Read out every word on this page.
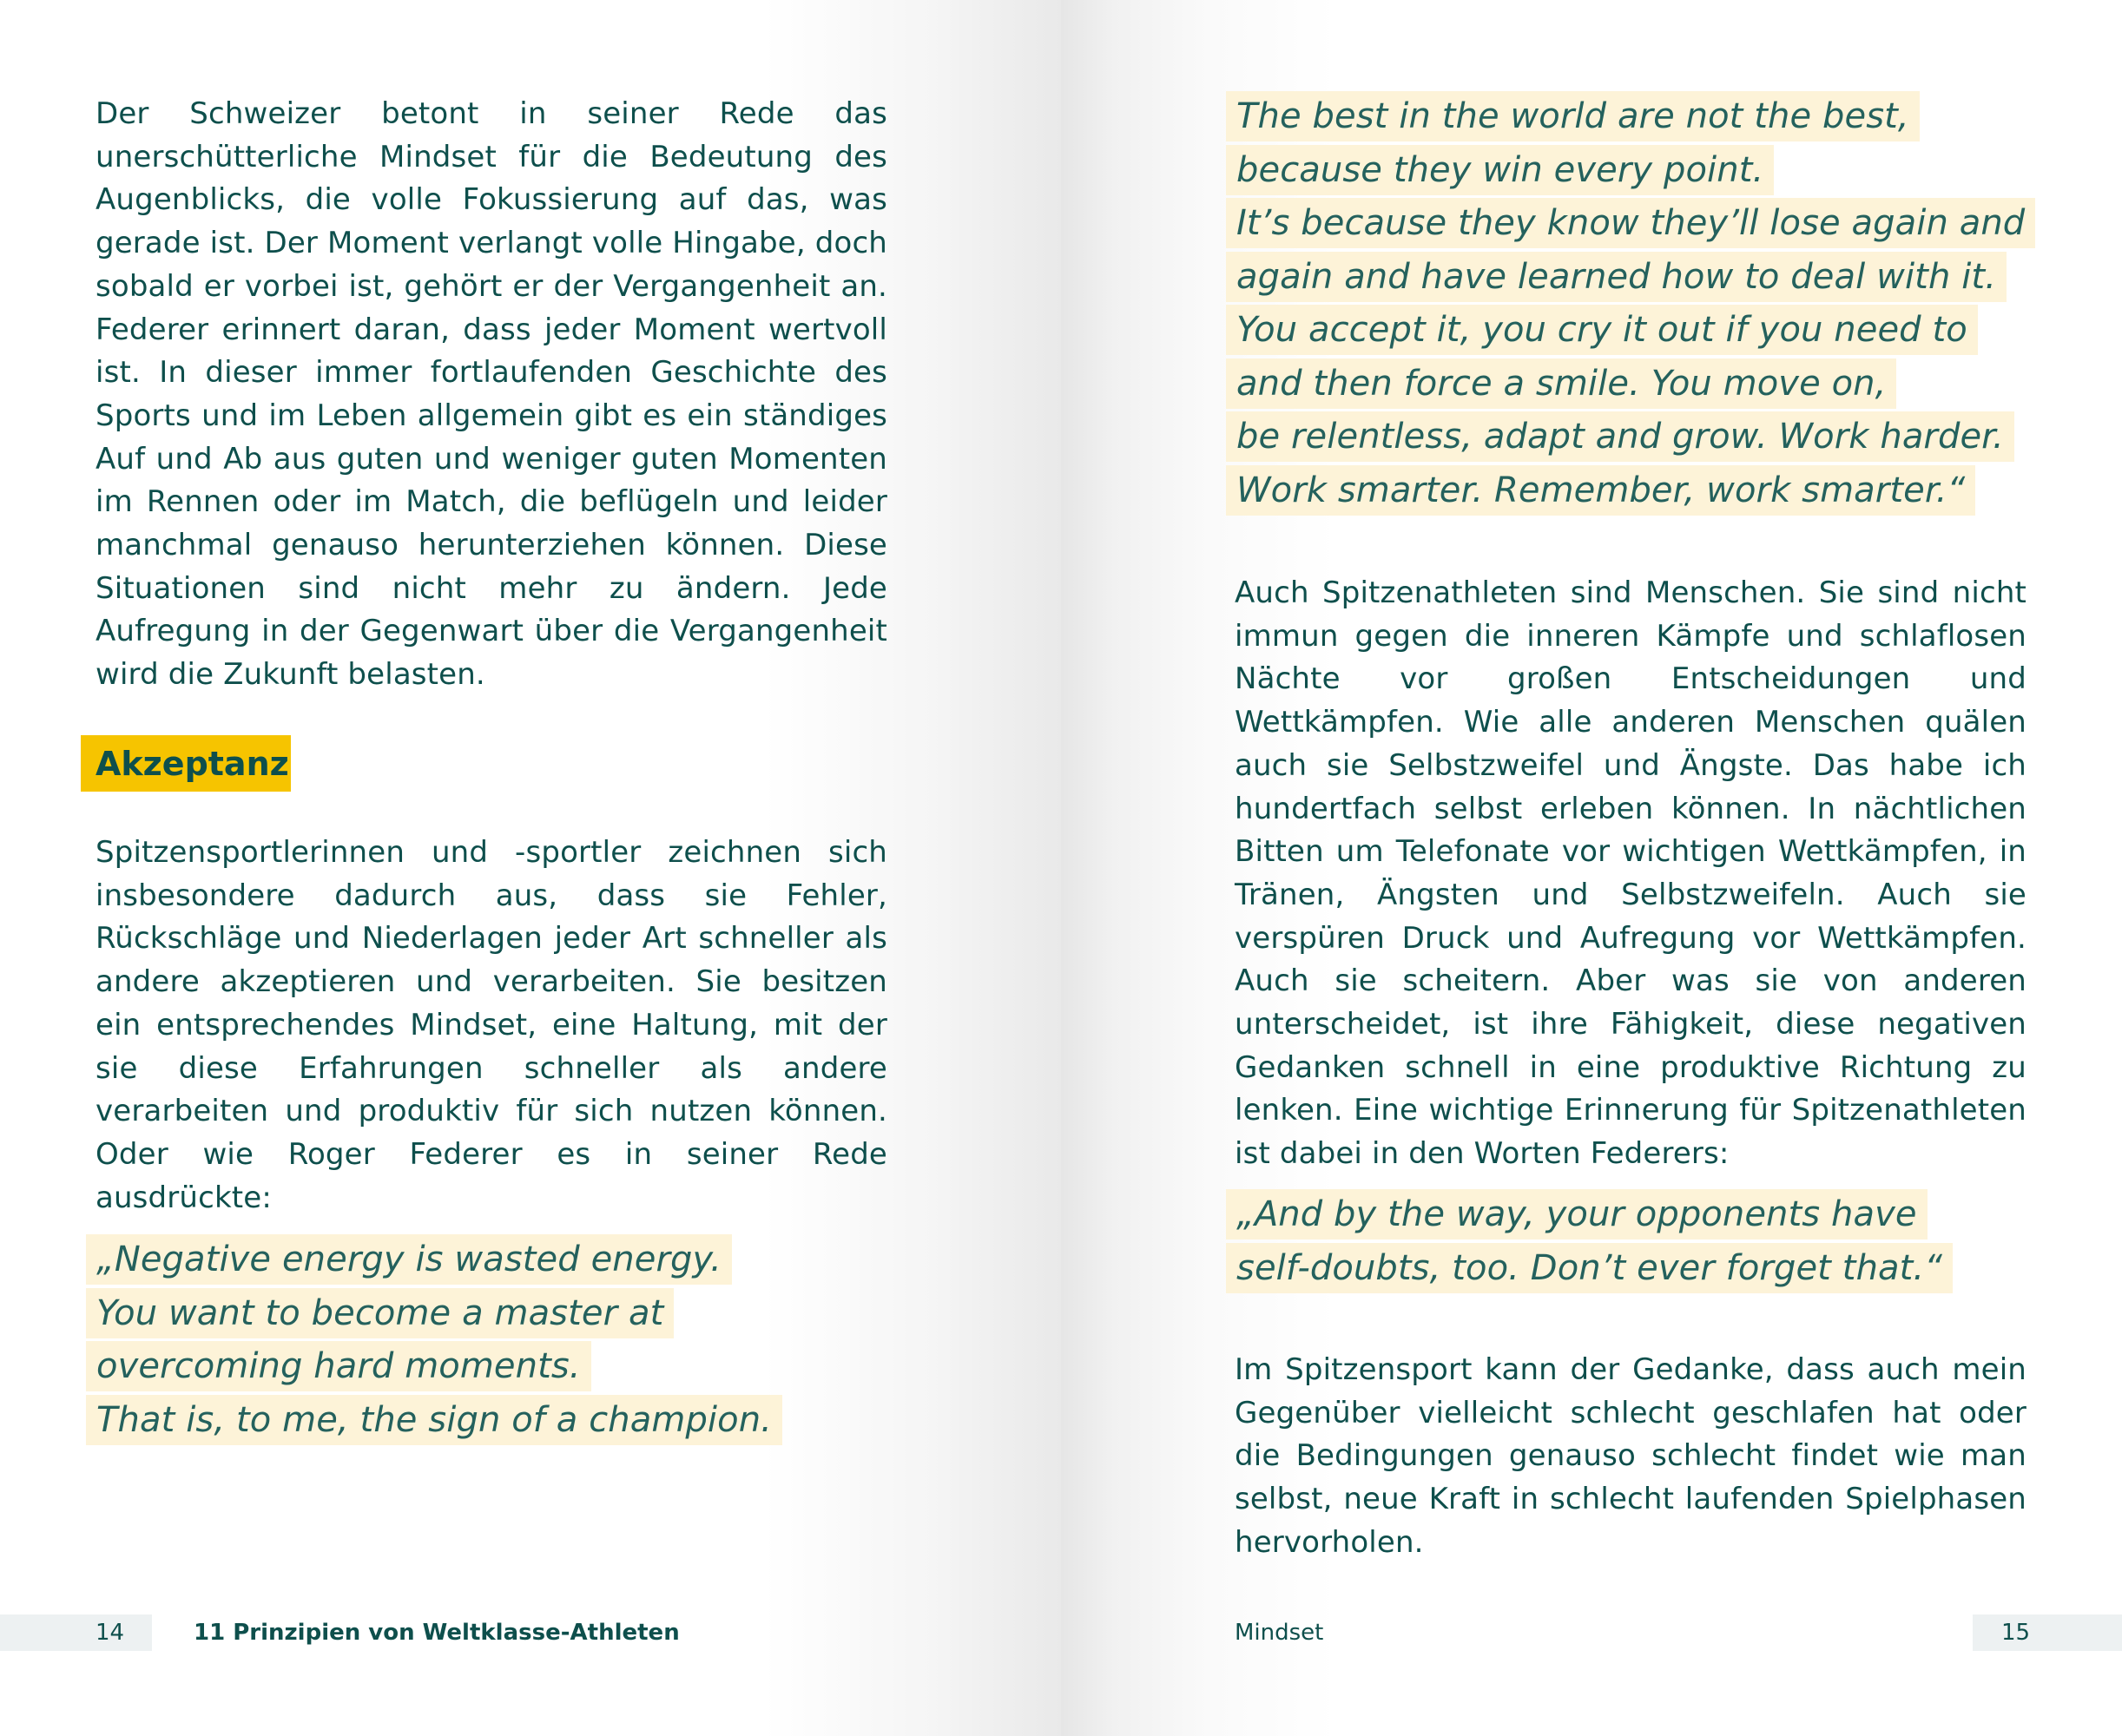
Der Schweizer betont in seiner Rede das unerschütterliche Mindset für die Bedeutung des Augenblicks, die volle Fokussierung auf das, was gerade ist. Der Moment verlangt volle Hingabe, doch sobald er vorbei ist, gehört er der Vergangenheit an. Federer erinnert daran, dass jeder Moment wertvoll ist. In dieser immer fortlaufenden Geschichte des Sports und im Leben allgemein gibt es ein ständiges Auf und Ab aus guten und weniger guten Momenten im Rennen oder im Match, die beflügeln und leider manchmal genauso herunterziehen können. Diese Situationen sind nicht mehr zu ändern. Jede Aufregung in der Gegenwart über die Vergangenheit wird die Zukunft belasten.

Akzeptanz

Spitzensportlerinnen und -sportler zeichnen sich insbesondere dadurch aus, dass sie Fehler, Rückschläge und Niederlagen jeder Art schneller als andere akzeptieren und verarbeiten. Sie besitzen ein entsprechendes Mindset, eine Haltung, mit der sie diese Erfahrungen schneller als andere verarbeiten und produktiv für sich nutzen können. Oder wie Roger Federer es in seiner Rede ausdrückte:

„Negative energy is wasted energy.
You want to become a master at
overcoming hard moments.
That is, to me, the sign of a champion.
14	11 Prinzipien von Weltklasse-Athleten
The best in the world are not the best,
because they win every point.
It’s because they know they’ll lose again and
again and have learned how to deal with it.
You accept it, you cry it out if you need to
and then force a smile. You move on,
be relentless, adapt and grow. Work harder.
Work smarter. Remember, work smarter.“

Auch Spitzenathleten sind Menschen. Sie sind nicht immun gegen die inneren Kämpfe und schlaflosen Nächte vor großen Entscheidungen und Wettkämpfen. Wie alle anderen Menschen quälen auch sie Selbstzweifel und Ängste. Das habe ich hundertfach selbst erleben können. In nächtlichen Bitten um Telefonate vor wichtigen Wettkämpfen, in Tränen, Ängsten und Selbstzweifeln. Auch sie verspüren Druck und Aufregung vor Wettkämpfen. Auch sie scheitern. Aber was sie von anderen unterscheidet, ist ihre Fähigkeit, diese negativen Gedanken schnell in eine produktive Richtung zu lenken. Eine wichtige Erinnerung für Spitzenathleten ist dabei in den Worten Federers:

„And by the way, your opponents have
self-doubts, too. Don’t ever forget that.“

Im Spitzensport kann der Gedanke, dass auch mein Gegenüber vielleicht schlecht geschlafen hat oder die Bedingungen genauso schlecht findet wie man selbst, neue Kraft in schlecht laufenden Spielphasen hervorholen.

Mindset	15
